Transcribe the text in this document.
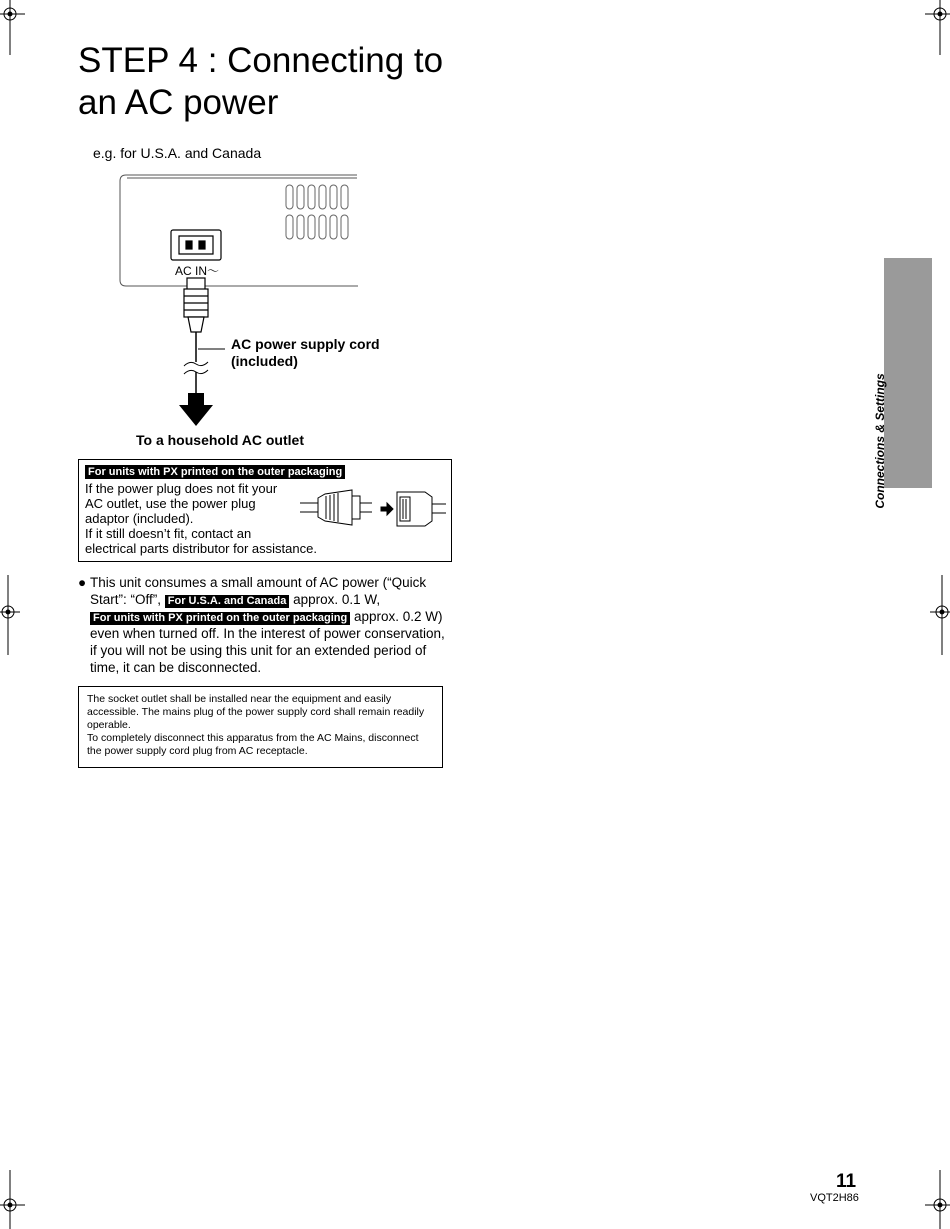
STEP 4 : Connecting to an AC power
e.g. for U.S.A. and Canada
AC IN～
AC power supply cord
(included)
To a household AC outlet
For units with PX printed on the outer packaging
If the power plug does not fit your
AC outlet, use the power plug
adaptor (included).
If it still doesn’t fit, contact an
electrical parts distributor for assistance.
● This unit consumes a small amount of AC power (“Quick Start”: “Off”, For U.S.A. and Canada approx. 0.1 W, For units with PX printed on the outer packaging approx. 0.2 W) even when turned off. In the interest of power conservation, if you will not be using this unit for an extended period of time, it can be disconnected.
The socket outlet shall be installed near the equipment and easily accessible. The mains plug of the power supply cord shall remain readily operable.
To completely disconnect this apparatus from the AC Mains, disconnect the power supply cord plug from AC receptacle.
Connections & Settings
11
VQT2H86
